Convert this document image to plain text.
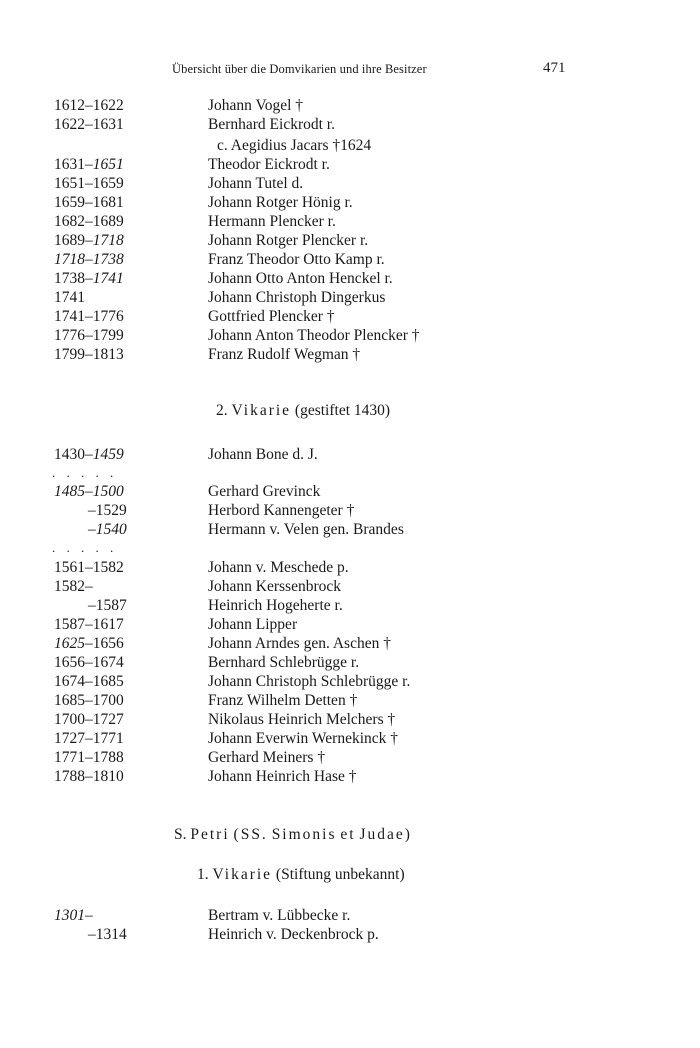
Übersicht über die Domvikarien und ihre Besitzer	471
1612–1622	Johann Vogel †
1622–1631	Bernhard Eickrodt r.
c. Aegidius Jacars †1624
1631–1651	Theodor Eickrodt r.
1651–1659	Johann Tutel d.
1659–1681	Johann Rotger Hönig r.
1682–1689	Hermann Plencker r.
1689–1718	Johann Rotger Plencker r.
1718–1738	Franz Theodor Otto Kamp r.
1738–1741	Johann Otto Anton Henckel r.
1741	Johann Christoph Dingerkus
1741–1776	Gottfried Plencker †
1776–1799	Johann Anton Theodor Plencker †
1799–1813	Franz Rudolf Wegman †
2. Vikarie (gestiftet 1430)
1430–1459	Johann Bone d. J.
. . . . .
1485–1500	Gerhard Grevinck
–1529	Herbord Kannengeter †
–1540	Hermann v. Velen gen. Brandes
. . . . .
1561–1582	Johann v. Meschede p.
1582–	Johann Kerssenbrock
–1587	Heinrich Hogeherte r.
1587–1617	Johann Lipper
1625–1656	Johann Arndes gen. Aschen †
1656–1674	Bernhard Schlebrügge r.
1674–1685	Johann Christoph Schlebrügge r.
1685–1700	Franz Wilhelm Detten †
1700–1727	Nikolaus Heinrich Melchers †
1727–1771	Johann Everwin Wernekinck †
1771–1788	Gerhard Meiners †
1788–1810	Johann Heinrich Hase †
S. Petri (SS. Simonis et Judae)
1. Vikarie (Stiftung unbekannt)
1301–	Bertram v. Lübbecke r.
–1314	Heinrich v. Deckenbrock p.
